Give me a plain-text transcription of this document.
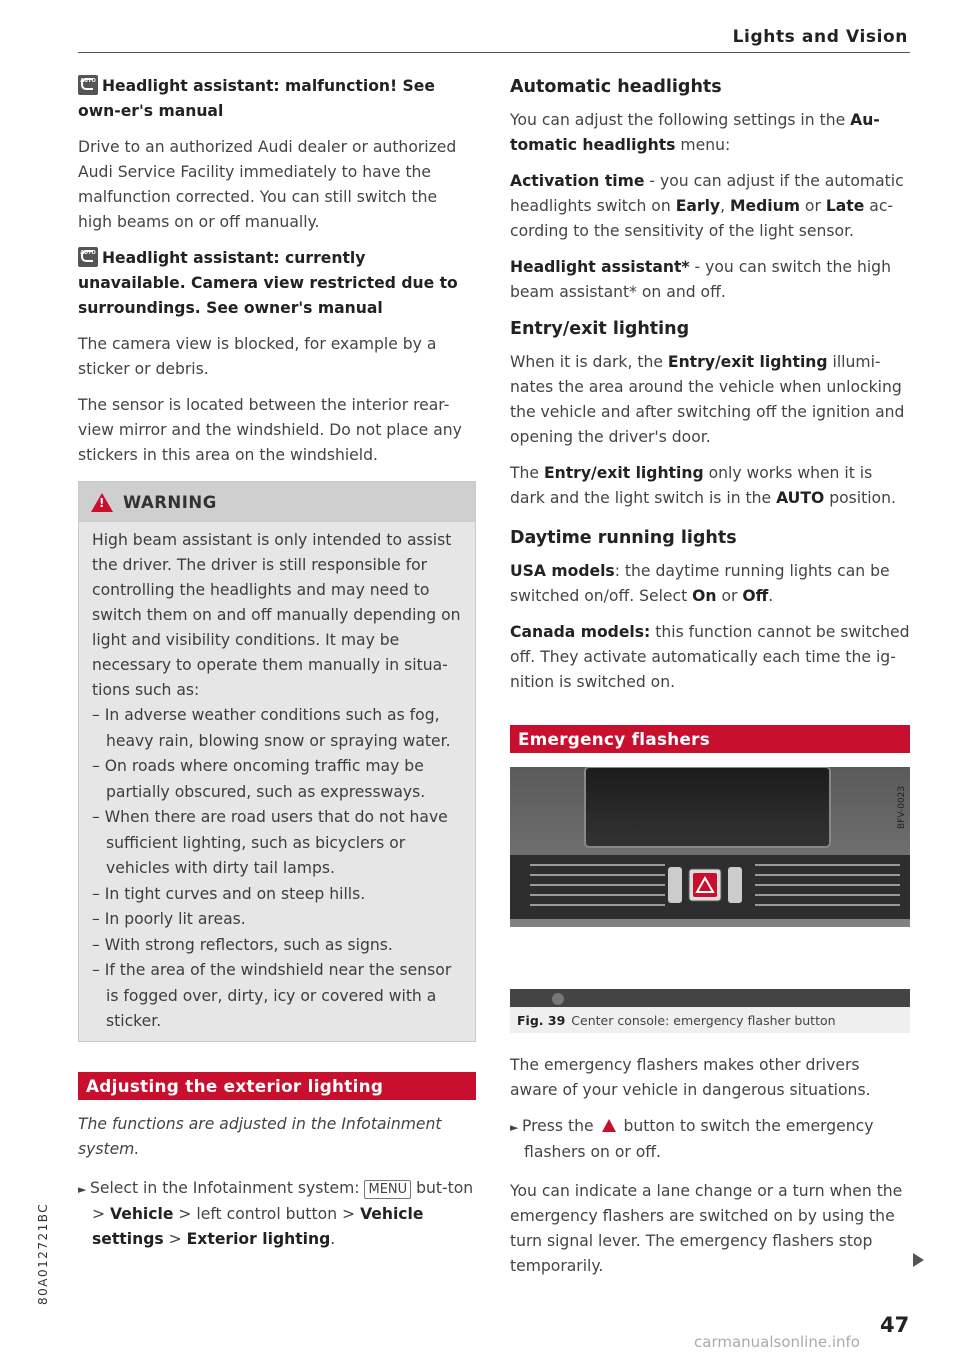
Lights and Vision
AUTOHeadlight assistant: malfunction! See own-er's manual

Drive to an authorized Audi dealer or authorized Audi Service Facility immediately to have the malfunction corrected. You can still switch the high beams on or off manually.

AUTOHeadlight assistant: currently unavailable. Camera view restricted due to surroundings. See owner's manual

The camera view is blocked, for example by a sticker or debris.

The sensor is located between the interior rear-view mirror and the windshield. Do not place any stickers in this area on the windshield.

!
WARNING

High beam assistant is only intended to assist the driver. The driver is still responsible for controlling the headlights and may need to switch them on and off manually depending on light and visibility conditions. It may be necessary to operate them manually in situa-tions such as:

– In adverse weather conditions such as fog, heavy rain, blowing snow or spraying water.
– On roads where oncoming traffic may be partially obscured, such as expressways.
– When there are road users that do not have sufficient lighting, such as bicyclers or vehicles with dirty tail lamps.
– In tight curves and on steep hills.
– In poorly lit areas.
– With strong reflectors, such as signs.
– If the area of the windshield near the sensor is fogged over, dirty, icy or covered with a sticker.
Adjusting the exterior lighting

The functions are adjusted in the Infotainment system.

► Select in the Infotainment system: MENU but-ton > Vehicle > left control button > Vehicle settings > Exterior lighting.

Automatic headlights

You can adjust the following settings in the Au-tomatic headlights menu:

Activation time - you can adjust if the automatic headlights switch on Early, Medium or Late ac-cording to the sensitivity of the light sensor.

Headlight assistant* - you can switch the high beam assistant* on and off.

Entry/exit lighting

When it is dark, the Entry/exit lighting illumi-nates the area around the vehicle when unlocking the vehicle and after switching off the ignition and opening the driver's door.

The Entry/exit lighting only works when it is dark and the light switch is in the AUTO position.

Daytime running lights

USA models: the daytime running lights can be switched on/off. Select On or Off.

Canada models: this function cannot be switched off. They activate automatically each time the ig-nition is switched on.

Emergency flashers
BFV-0023
Fig. 39 Center console: emergency flasher button

The emergency flashers makes other drivers aware of your vehicle in dangerous situations.

► Press the  button to switch the emergency flashers on or off.

You can indicate a lane change or a turn when the emergency flashers are switched on by using the turn signal lever. The emergency flashers stop temporarily.

47
80A012721BC
carmanualsonline.info
